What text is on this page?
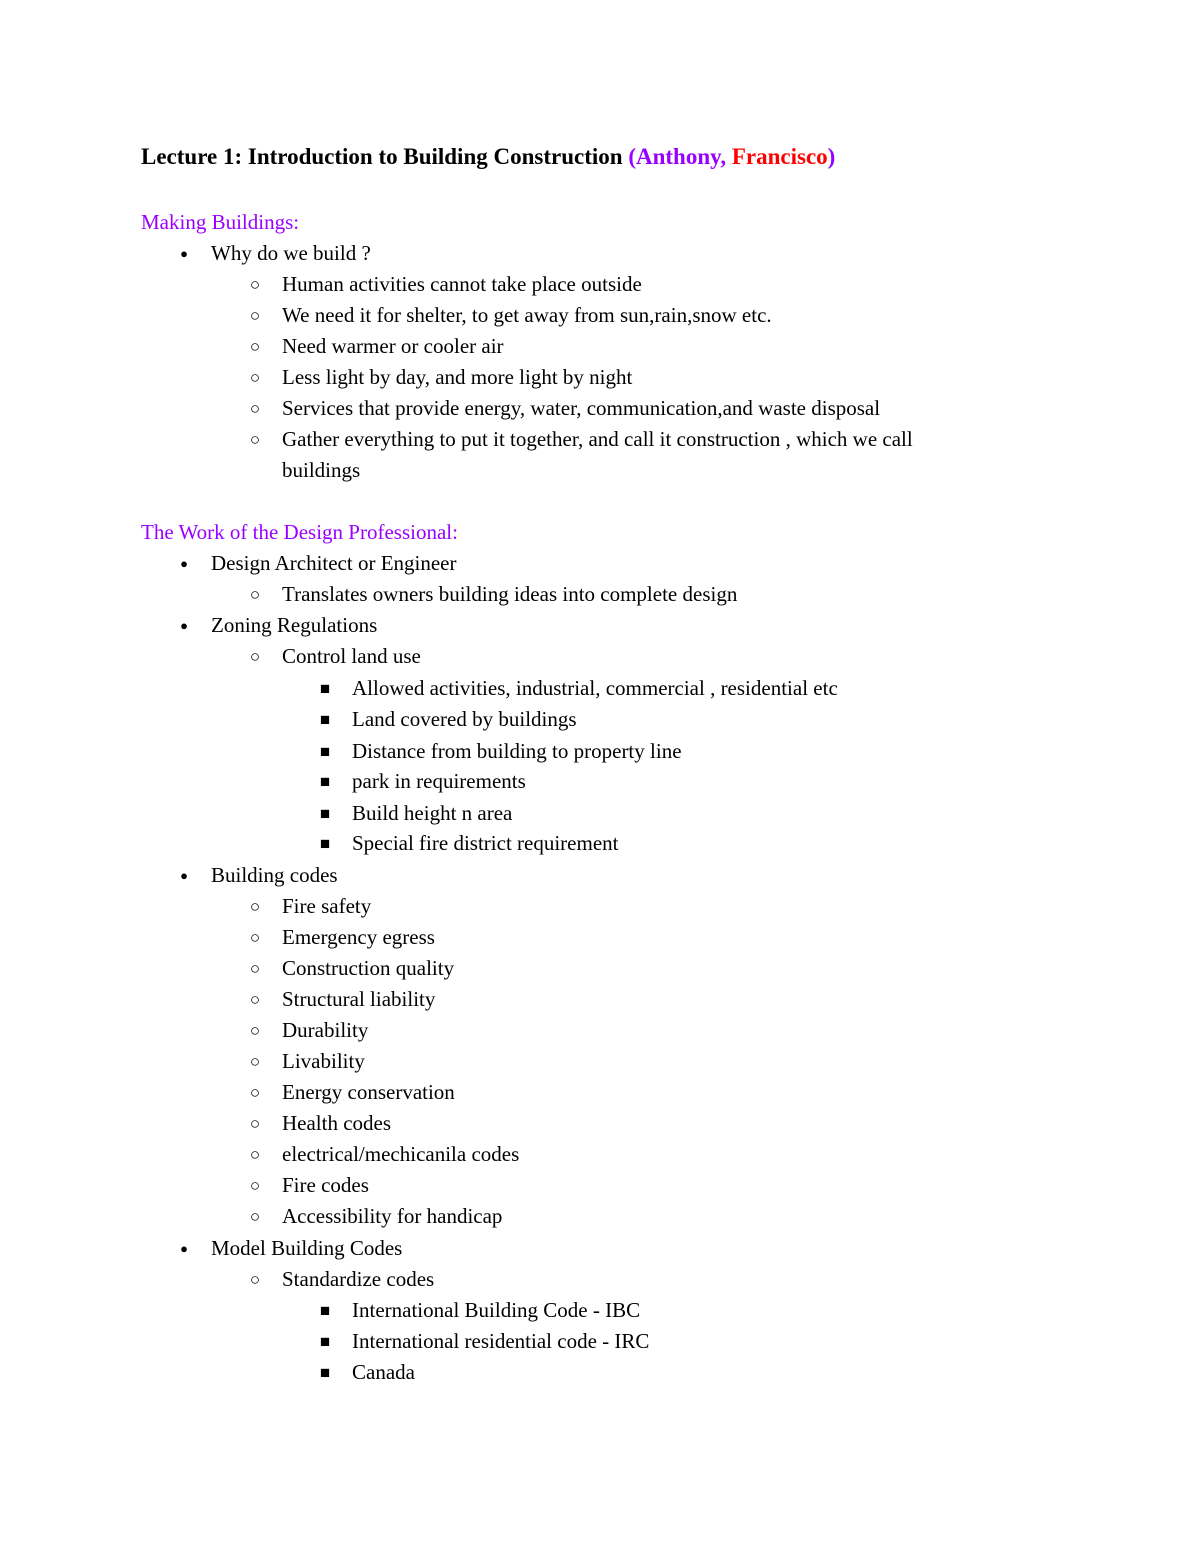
Lecture 1: Introduction to Building Construction (Anthony, Francisco)
Making Buildings:
●	Why do we build ?
○	Human activities cannot take place outside
○	We need it for shelter, to get away from sun,rain,snow etc.
○	Need warmer or cooler air
○	Less light by day, and more light by night
○	Services that provide energy, water, communication,and waste disposal
○	Gather everything to put it together, and call it construction , which we call
buildings
The Work of the Design Professional:
●	Design Architect or Engineer
○	Translates owners building ideas into complete design
●	Zoning Regulations
○	Control land use
■	Allowed activities, industrial, commercial , residential etc
■	Land covered by buildings
■	Distance from building to property line
■	park in requirements
■	Build height n area
■	Special fire district requirement
●	Building codes
○	Fire safety
○	Emergency egress
○	Construction quality
○	Structural liability
○	Durability
○	Livability
○	Energy conservation
○	Health codes
○	electrical/mechicanila codes
○	Fire codes
○	Accessibility for handicap
●	Model Building Codes
○	Standardize codes
■	International Building Code - IBC
■	International residential code - IRC
■	Canada
